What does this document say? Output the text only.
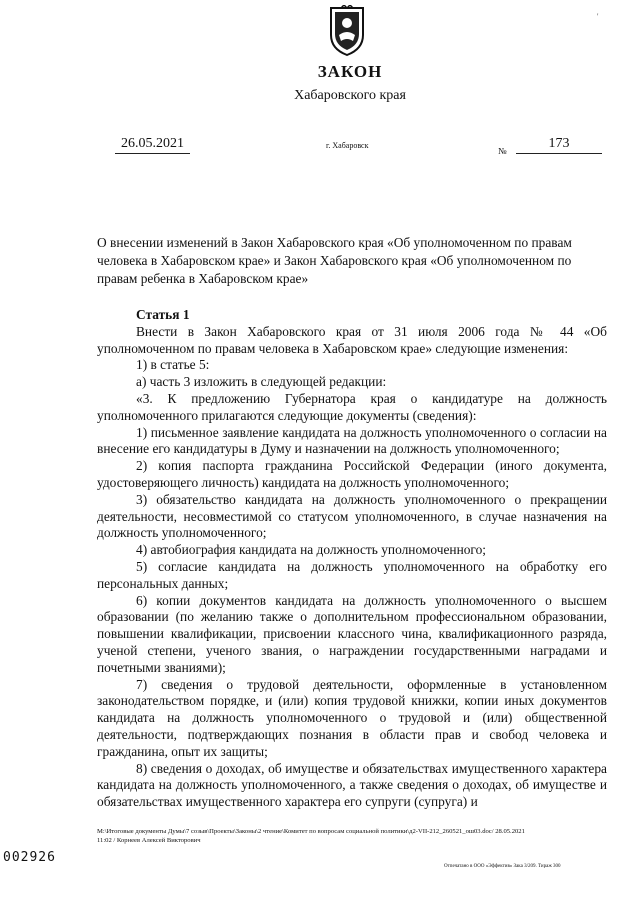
'
ЗАКОН
Хабаровского края
26.05.2021	г. Хабаровск
№	173
О внесении изменений в Закон Хабаровского края «Об уполномоченном по правам
человека в Хабаровском крае» и Закон Хабаровского края «Об уполномоченном по
правам ребенка в Хабаровском крае»

Статья 1

Внести в Закон Хабаровского края от 31 июля 2006 года № 44 «Об уполномоченном по правам человека в Хабаровском крае» следующие изменения:

1) в статье 5:

а) часть 3 изложить в следующей редакции:

«3. К предложению Губернатора края о кандидатуре на должность уполномоченного прилагаются следующие документы (сведения):

1) письменное заявление кандидата на должность уполномоченного о согласии на внесение его кандидатуры в Думу и назначении на должность уполномоченного;

2) копия паспорта гражданина Российской Федерации (иного документа, удостоверяющего личность) кандидата на должность уполномоченного;

3) обязательство кандидата на должность уполномоченного о прекращении деятельности, несовместимой со статусом уполномоченного, в случае назначения на должность уполномоченного;

4) автобиография кандидата на должность уполномоченного;

5) согласие кандидата на должность уполномоченного на обработку его персональных данных;

6) копии документов кандидата на должность уполномоченного о высшем образовании (по желанию также о дополнительном профессиональном образовании, повышении квалификации, присвоении классного чина, квалификационного разряда, ученой степени, ученого звания, о награждении государственными наградами и почетными званиями);

7) сведения о трудовой деятельности, оформленные в установленном законодательством порядке, и (или) копия трудовой книжки, копии иных документов кандидата на должность уполномоченного о трудовой и (или) общественной деятельности, подтверждающих познания в области прав и свобод человека и гражданина, опыт их защиты;

8) сведения о доходах, об имуществе и обязательствах имущественного характера кандидата на должность уполномоченного, а также сведения о доходах, об имуществе и обязательствах имущественного характера его супруги (супруга) и

M:\Итоговые документы Думы\7 созыв\Проекты\Законы\2 чтение\Комитет по вопросам социальной политики\д2-VII-212_260521_ош03.doc/ 28.05.2021
11:02 / Корнеев Алексей Викторович
002926
Отпечатано в ООО «Эффектив» Зака 3/209. Тираж 300
